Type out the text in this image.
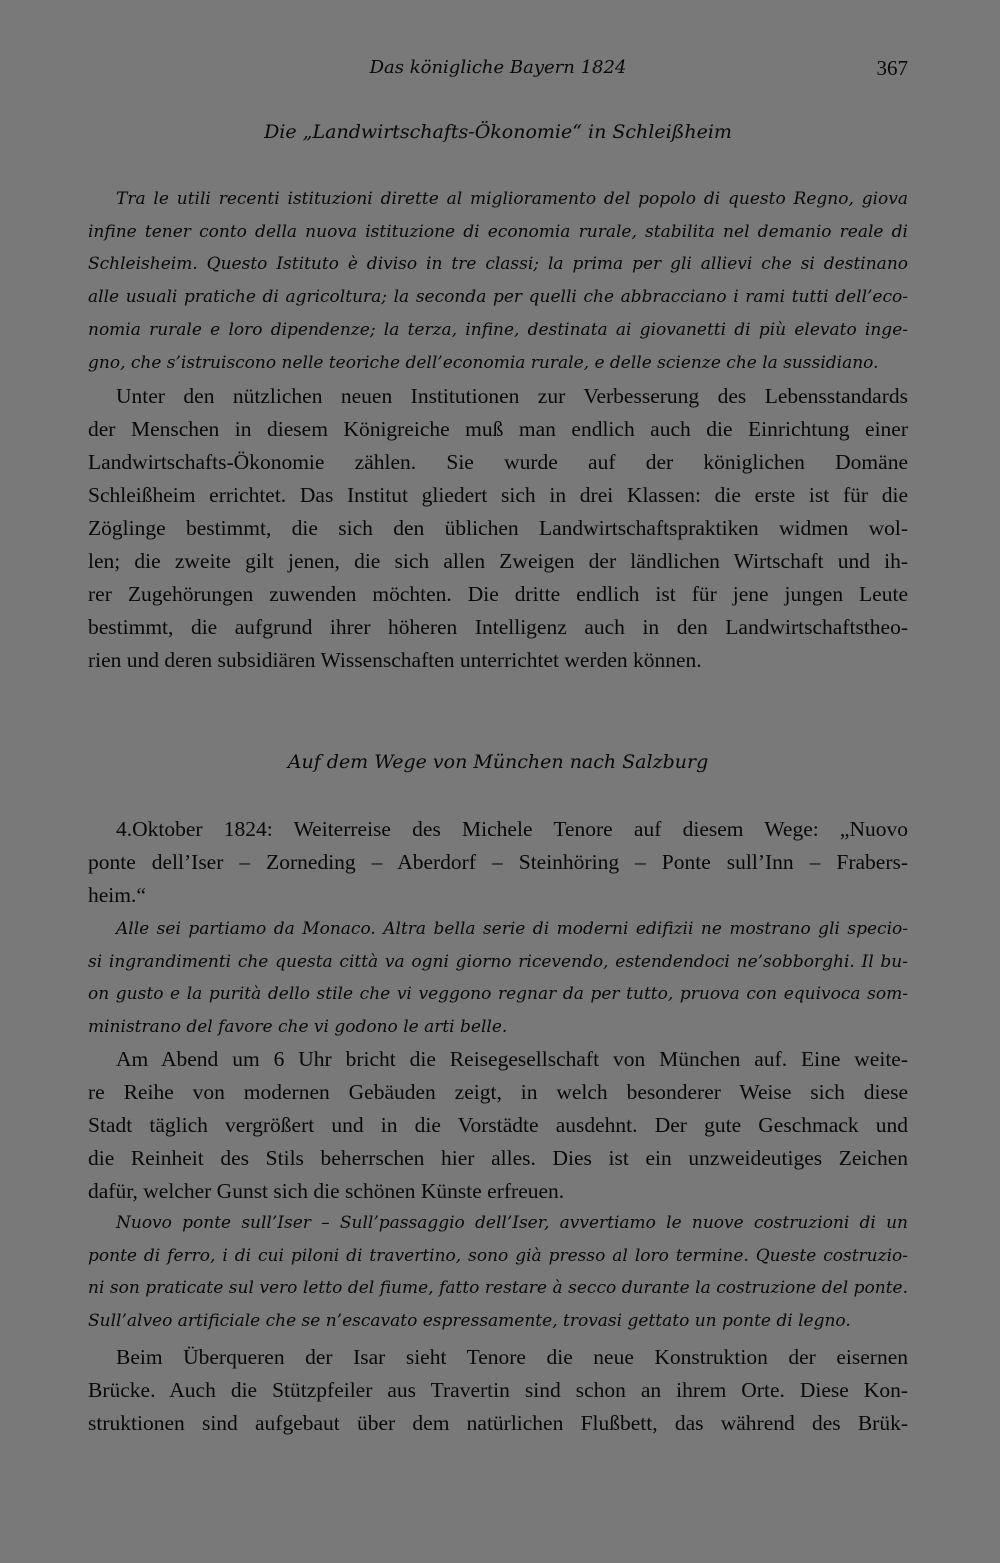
Das königliche Bayern 1824	367
Die „Landwirtschafts-Ökonomie“ in Schleißheim
Tra le utili recenti istituzioni dirette al miglioramento del popolo di questo Regno, giova
infine tener conto della nuova istituzione di economia rurale, stabilita nel demanio reale di
Schleisheim. Questo Istituto è diviso in tre classi; la prima per gli allievi che si destinano
alle usuali pratiche di agricoltura; la seconda per quelli che abbracciano i rami tutti dell’eco-
nomia rurale e loro dipendenze; la terza, infine, destinata ai giovanetti di più elevato inge-
gno, che s’istruiscono nelle teoriche dell’economia rurale, e delle scienze che la sussidiano.
Unter den nützlichen neuen Institutionen zur Verbesserung des Lebensstandards
der Menschen in diesem Königreiche muß man endlich auch die Einrichtung einer
Landwirtschafts-Ökonomie zählen. Sie wurde auf der königlichen Domäne
Schleißheim errichtet. Das Institut gliedert sich in drei Klassen: die erste ist für die
Zöglinge bestimmt, die sich den üblichen Landwirtschaftspraktiken widmen wol-
len; die zweite gilt jenen, die sich allen Zweigen der ländlichen Wirtschaft und ih-
rer Zugehörungen zuwenden möchten. Die dritte endlich ist für jene jungen Leute
bestimmt, die aufgrund ihrer höheren Intelligenz auch in den Landwirtschaftstheo-
rien und deren subsidiären Wissenschaften unterrichtet werden können.
Auf dem Wege von München nach Salzburg
4.Oktober 1824: Weiterreise des Michele Tenore auf diesem Wege: „Nuovo
ponte dell’Iser – Zorneding – Aberdorf – Steinhöring – Ponte sull’Inn – Frabers-
heim.“
Alle sei partiamo da Monaco. Altra bella serie di moderni edifizii ne mostrano gli specio-
si ingrandimenti che questa città va ogni giorno ricevendo, estendendoci ne’sobborghi. Il bu-
on gusto e la purità dello stile che vi veggono regnar da per tutto, pruova con equivoca som-
ministrano del favore che vi godono le arti belle.
Am Abend um 6 Uhr bricht die Reisegesellschaft von München auf. Eine weite-
re Reihe von modernen Gebäuden zeigt, in welch besonderer Weise sich diese
Stadt täglich vergrößert und in die Vorstädte ausdehnt. Der gute Geschmack und
die Reinheit des Stils beherrschen hier alles. Dies ist ein unzweideutiges Zeichen
dafür, welcher Gunst sich die schönen Künste erfreuen.
Nuovo ponte sull’Iser – Sull’passaggio dell’Iser, avvertiamo le nuove costruzioni di un
ponte di ferro, i di cui piloni di travertino, sono già presso al loro termine. Queste costruzio-
ni son praticate sul vero letto del fiume, fatto restare à secco durante la costruzione del ponte.
Sull’alveo artificiale che se n’escavato espressamente, trovasi gettato un ponte di legno.
Beim Überqueren der Isar sieht Tenore die neue Konstruktion der eisernen
Brücke. Auch die Stützpfeiler aus Travertin sind schon an ihrem Orte. Diese Kon-
struktionen sind aufgebaut über dem natürlichen Flußbett, das während des Brük-
